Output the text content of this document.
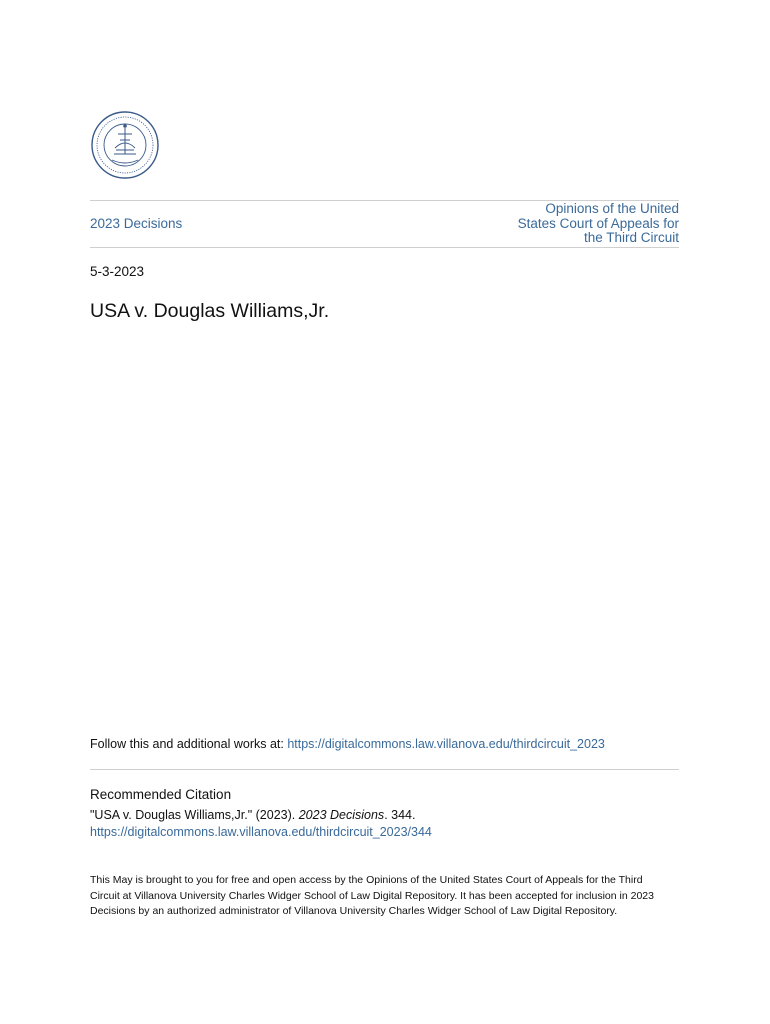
2023 Decisions
Opinions of the United States Court of Appeals for the Third Circuit
5-3-2023
USA v. Douglas Williams,Jr.
Follow this and additional works at: https://digitalcommons.law.villanova.edu/thirdcircuit_2023
Recommended Citation
"USA v. Douglas Williams,Jr." (2023). 2023 Decisions. 344.
https://digitalcommons.law.villanova.edu/thirdcircuit_2023/344
This May is brought to you for free and open access by the Opinions of the United States Court of Appeals for the Third Circuit at Villanova University Charles Widger School of Law Digital Repository. It has been accepted for inclusion in 2023 Decisions by an authorized administrator of Villanova University Charles Widger School of Law Digital Repository.
